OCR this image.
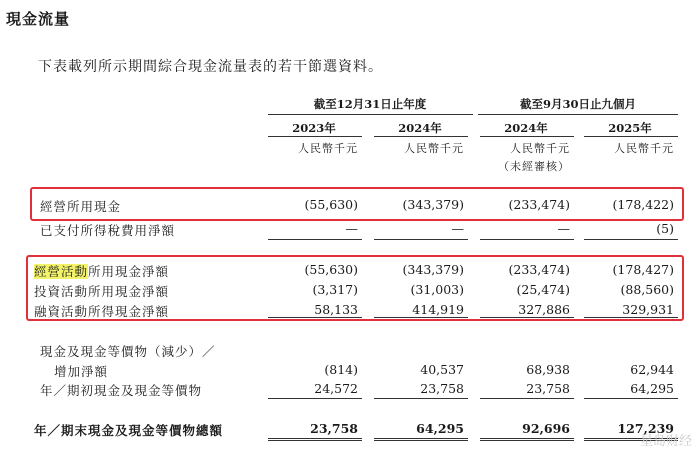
現金流量
下表載列所示期間綜合現金流量表的若干節選資料。
截至12月31日止年度	截至9月30日止九個月
2023年	2024年	2024年	2025年
人民幣千元	人民幣千元	人民幣千元	人民幣千元
（未經審核）
經營所用現金	(55,630)	(343,379)	(233,474)	(178,422)
已支付所得稅費用淨額	—	—	—	(5)
經營活動所用現金淨額	(55,630)	(343,379)	(233,474)	(178,427)
投資活動所用現金淨額	(3,317)	(31,003)	(25,474)	(88,560)
融資活動所得現金淨額	58,133	414,919	327,886	329,931
現金及現金等價物（減少）／
增加淨額	(814)	40,537	68,938	62,944
年／期初現金及現金等價物	24,572	23,758	23,758	64,295
年／期末現金及現金等價物總額	23,758	64,295	92,696	127,239
星岛财经
